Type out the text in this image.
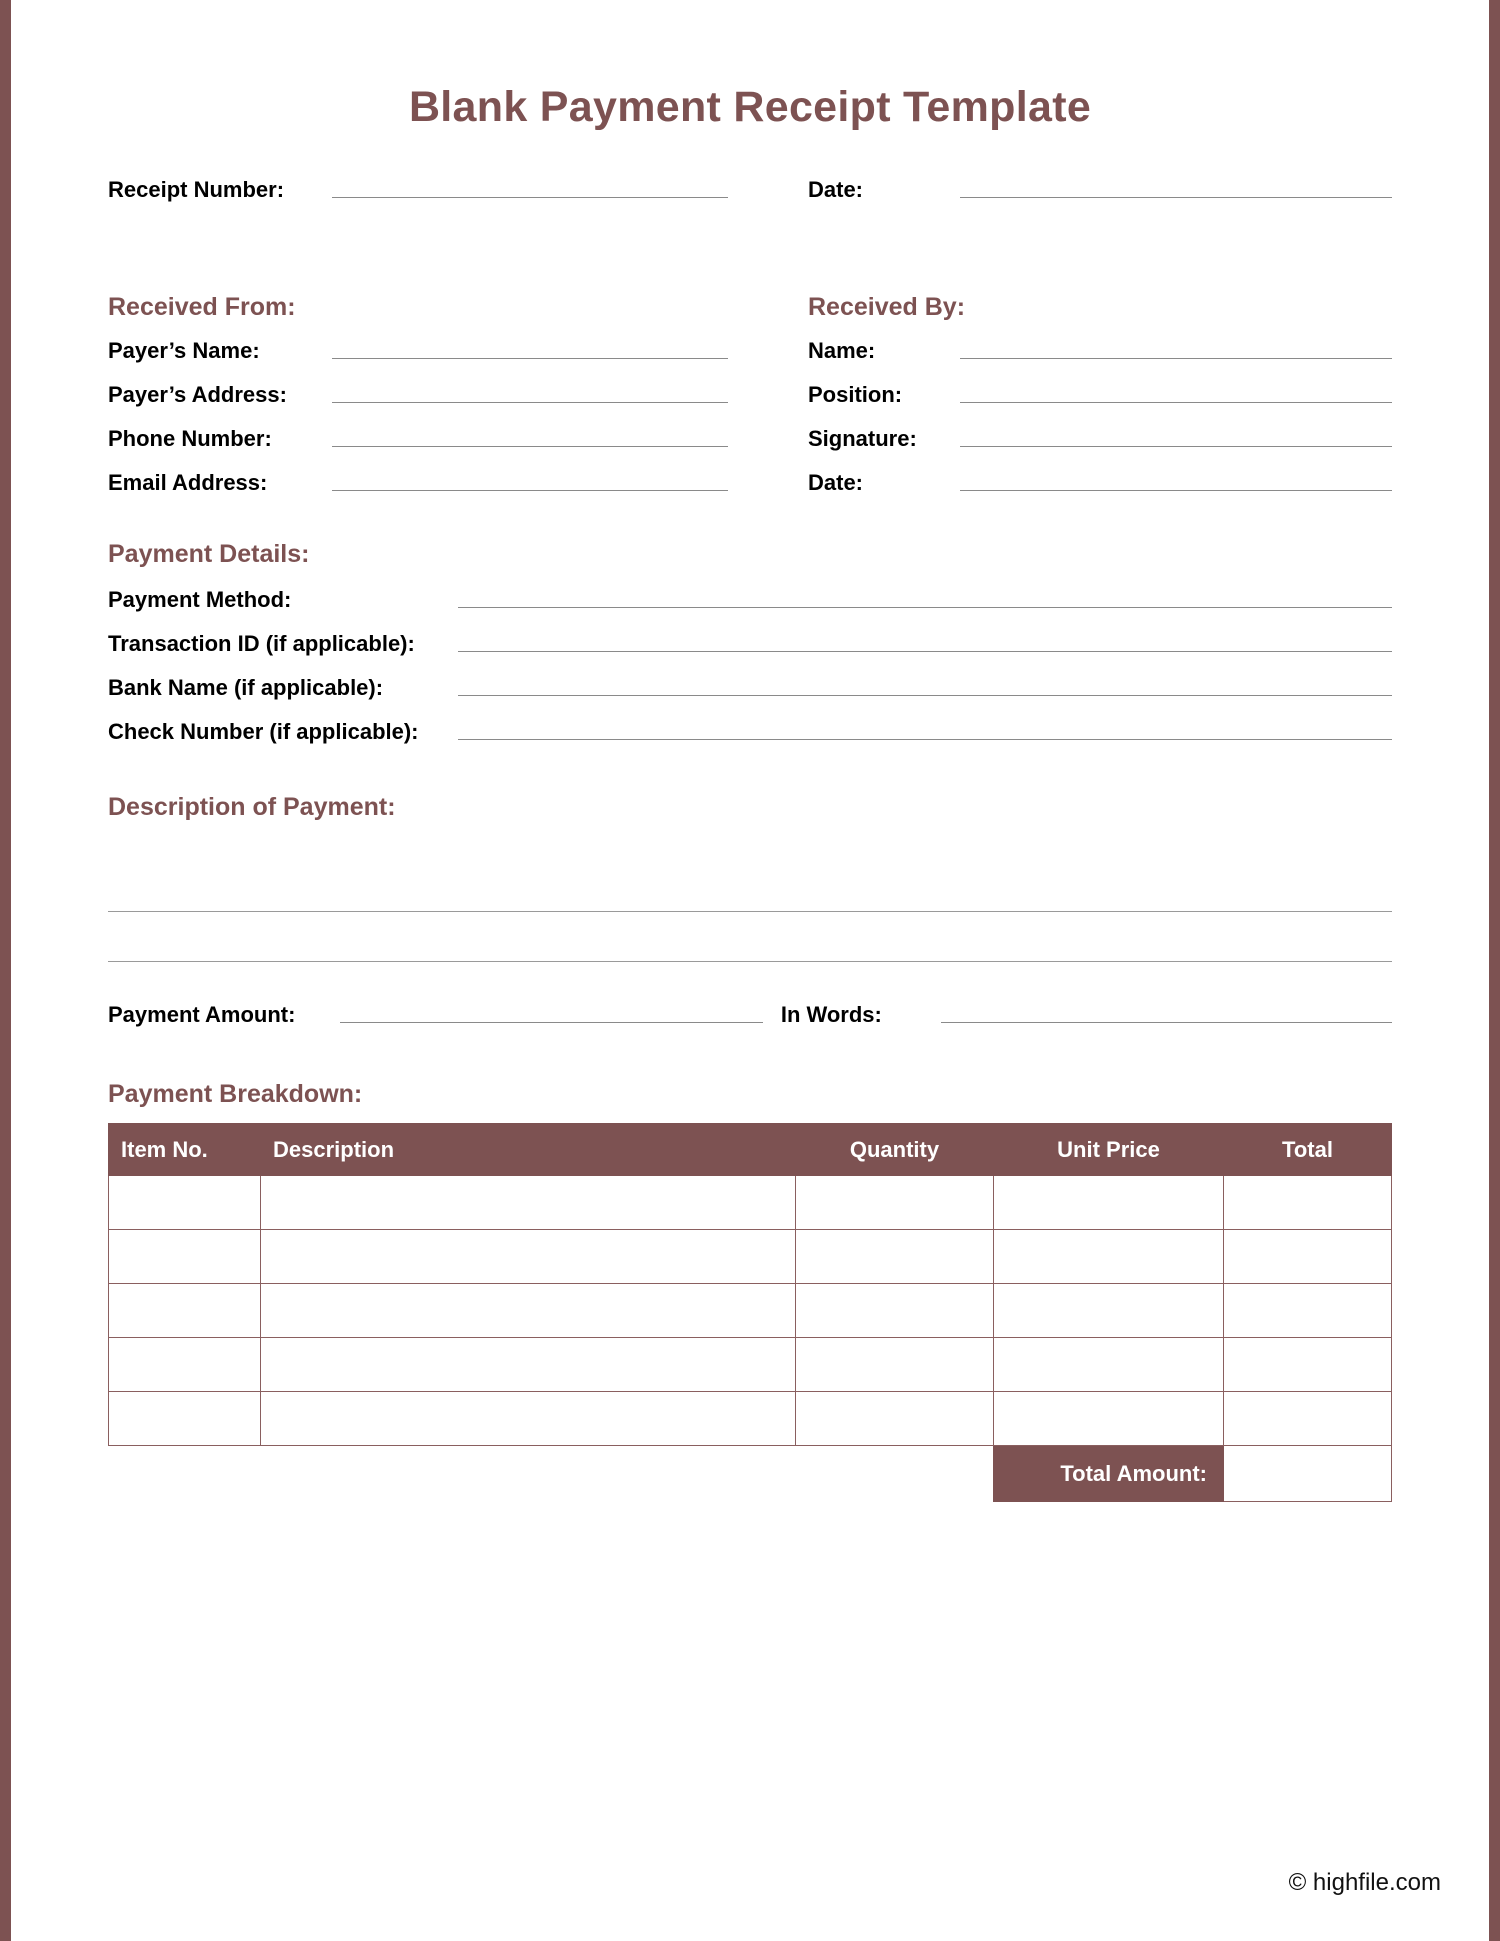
Blank Payment Receipt Template
Receipt Number:	Date:
Received From:
Payer’s Name:
Payer’s Address:
Phone Number:
Email Address:
Received By:
Name:
Position:
Signature:
Date:
Payment Details:
Payment Method:
Transaction ID (if applicable):
Bank Name (if applicable):
Check Number (if applicable):
Description of Payment:
Payment Amount:	In Words:
Payment Breakdown:
Item No.	Description	Quantity	Unit Price	Total

			Total Amount:	
© highfile.com
